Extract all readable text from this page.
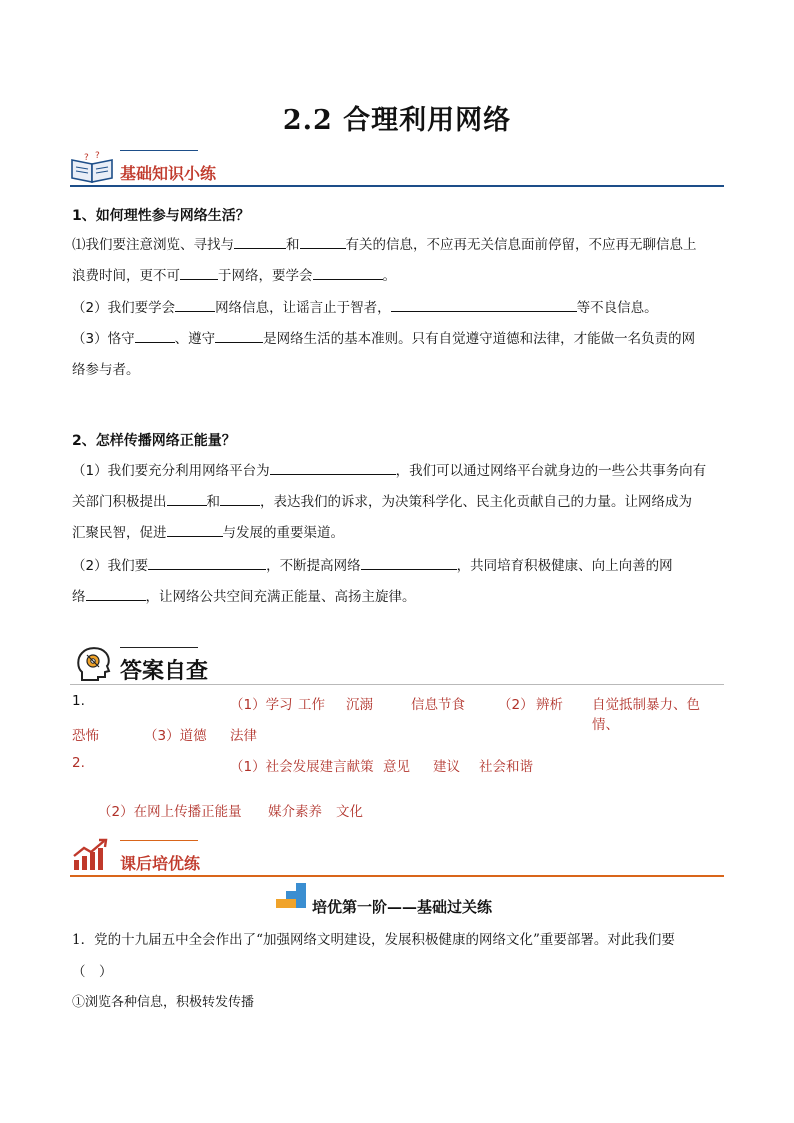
2.2 合理利用网络
? ?
基础知识小练
1、如何理性参与网络生活？
⑴我们要注意浏览、寻找与	和	有关的信息，不应再无关信息面前停留，不应再无聊信息上
浪费时间，更不可	于网络，要学会	。
（2）我们要学会	网络信息，让谣言止于智者，	等不良信息。
（3）恪守	、遵守	是网络生活的基本准则。只有自觉遵守道德和法律，才能做一名负责的网
络参与者。
2、怎样传播网络正能量？
（1）我们要充分利用网络平台为	，我们可以通过网络平台就身边的一些公共事务向有
关部门积极提出	和	，表达我们的诉求，为决策科学化、民主化贡献自己的力量。让网络成为
汇聚民智，促进	与发展的重要渠道。
（2）我们要	，不断提高网络	，共同培育积极健康、向上向善的网
络	，让网络公共空间充满正能量、高扬主旋律。
答案自查
1.	（1）学习 工作 沉溺	信息节食 （2） 辨析 自觉抵制暴力、色情、
恐怖	（3）道德 法律
2.	（1）社会发展建言献策 意见 建议 社会和谐
（2）在网上传播正能量 媒介素养 文化
课后培优练
培优第一阶——基础过关练
1．党的十九届五中全会作出了“加强网络文明建设，发展积极健康的网络文化”重要部署。对此我们要
（　）
①浏览各种信息，积极转发传播
